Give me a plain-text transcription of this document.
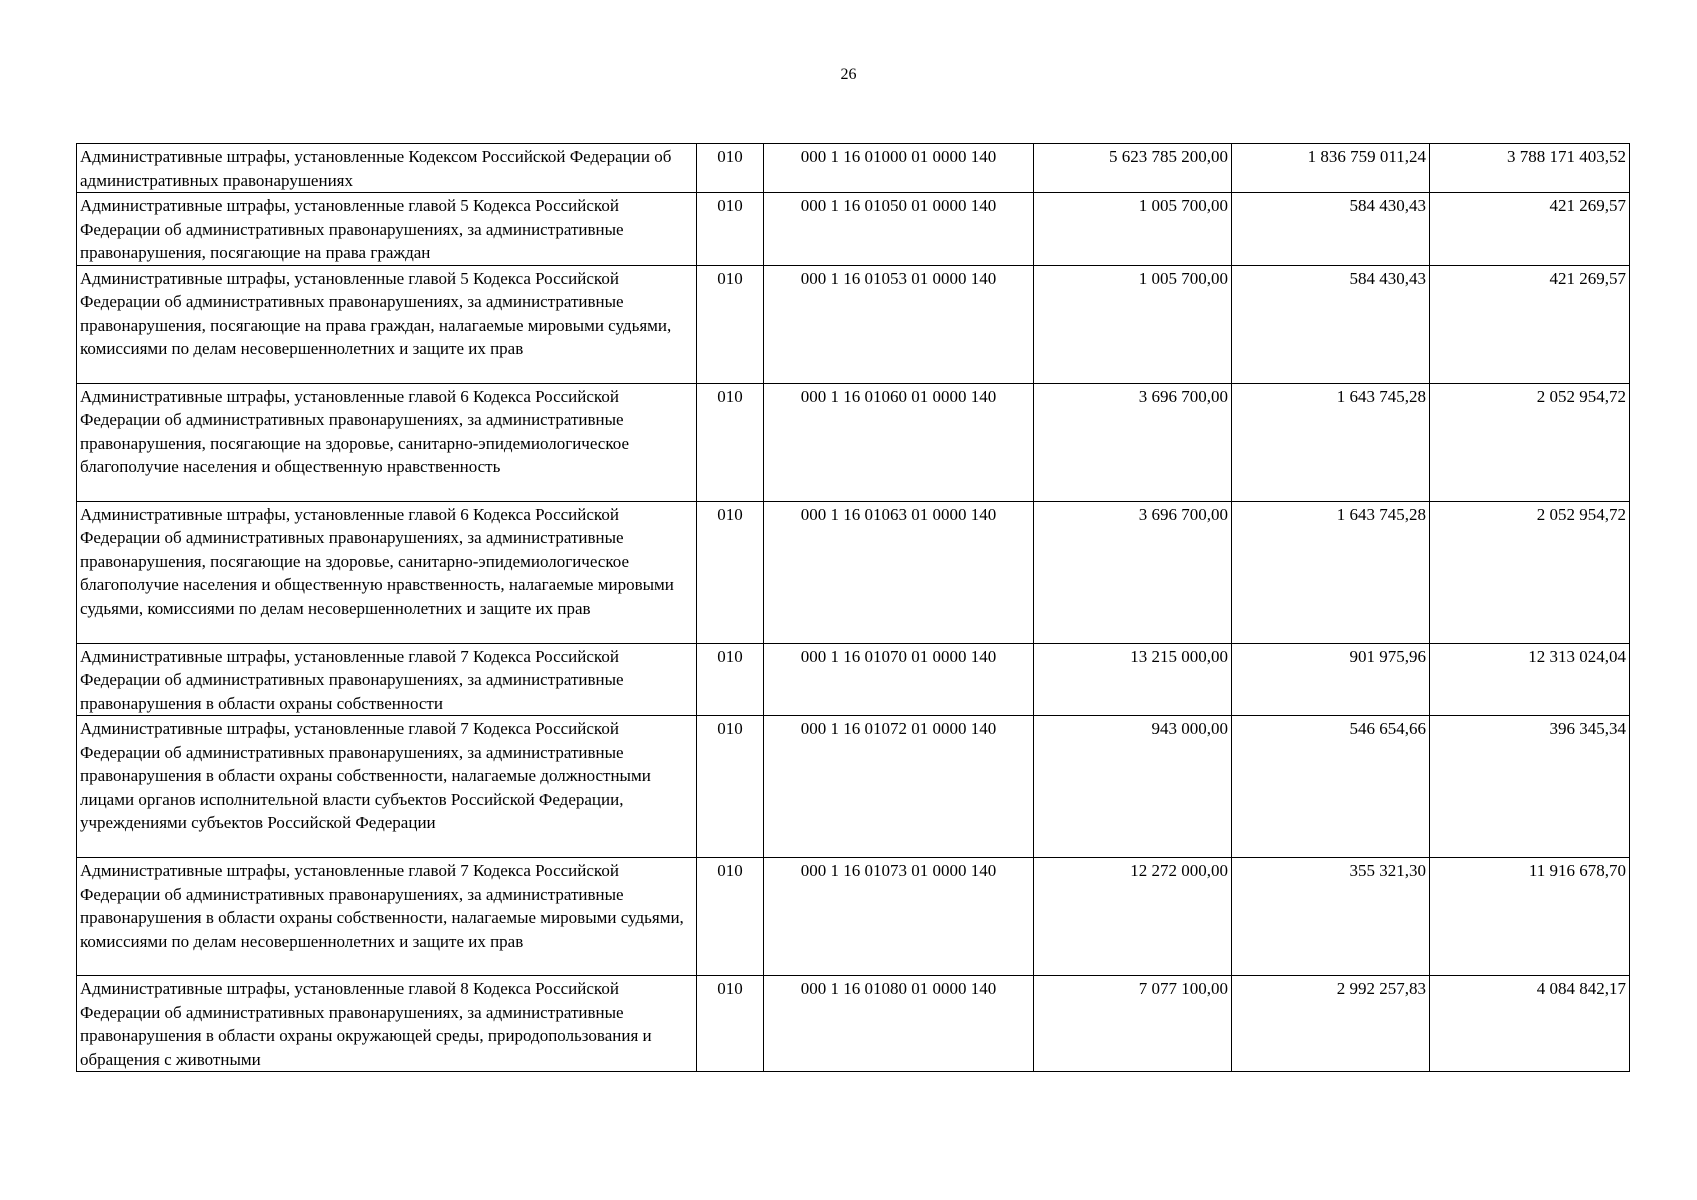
26
Административные штрафы, установленные Кодексом Российской Федерации об административных правонарушениях	010	000 1 16 01000 01 0000 140	5 623 785 200,00	1 836 759 011,24	3 788 171 403,52
Административные штрафы, установленные главой 5 Кодекса Российской Федерации об административных правонарушениях, за административные правонарушения, посягающие на права граждан	010	000 1 16 01050 01 0000 140	1 005 700,00	584 430,43	421 269,57
Административные штрафы, установленные главой 5 Кодекса Российской Федерации об административных правонарушениях, за административные правонарушения, посягающие на права граждан, налагаемые мировыми судьями, комиссиями по делам несовершеннолетних и защите их прав	010	000 1 16 01053 01 0000 140	1 005 700,00	584 430,43	421 269,57
Административные штрафы, установленные главой 6 Кодекса Российской Федерации об административных правонарушениях, за административные правонарушения, посягающие на здоровье, санитарно-эпидемиологическое благополучие населения и общественную нравственность	010	000 1 16 01060 01 0000 140	3 696 700,00	1 643 745,28	2 052 954,72
Административные штрафы, установленные главой 6 Кодекса Российской Федерации об административных правонарушениях, за административные правонарушения, посягающие на здоровье, санитарно-эпидемиологическое благополучие населения и общественную нравственность, налагаемые мировыми судьями, комиссиями по делам несовершеннолетних и защите их прав	010	000 1 16 01063 01 0000 140	3 696 700,00	1 643 745,28	2 052 954,72
Административные штрафы, установленные главой 7 Кодекса Российской Федерации об административных правонарушениях, за административные правонарушения в области охраны собственности	010	000 1 16 01070 01 0000 140	13 215 000,00	901 975,96	12 313 024,04
Административные штрафы, установленные главой 7 Кодекса Российской Федерации об административных правонарушениях, за административные правонарушения в области охраны собственности, налагаемые должностными лицами органов исполнительной власти субъектов Российской Федерации, учреждениями субъектов Российской Федерации	010	000 1 16 01072 01 0000 140	943 000,00	546 654,66	396 345,34
Административные штрафы, установленные главой 7 Кодекса Российской Федерации об административных правонарушениях, за административные правонарушения в области охраны собственности, налагаемые мировыми судьями, комиссиями по делам несовершеннолетних и защите их прав	010	000 1 16 01073 01 0000 140	12 272 000,00	355 321,30	11 916 678,70
Административные штрафы, установленные главой 8 Кодекса Российской Федерации об административных правонарушениях, за административные правонарушения в области охраны окружающей среды, природопользования и обращения с животными	010	000 1 16 01080 01 0000 140	7 077 100,00	2 992 257,83	4 084 842,17
